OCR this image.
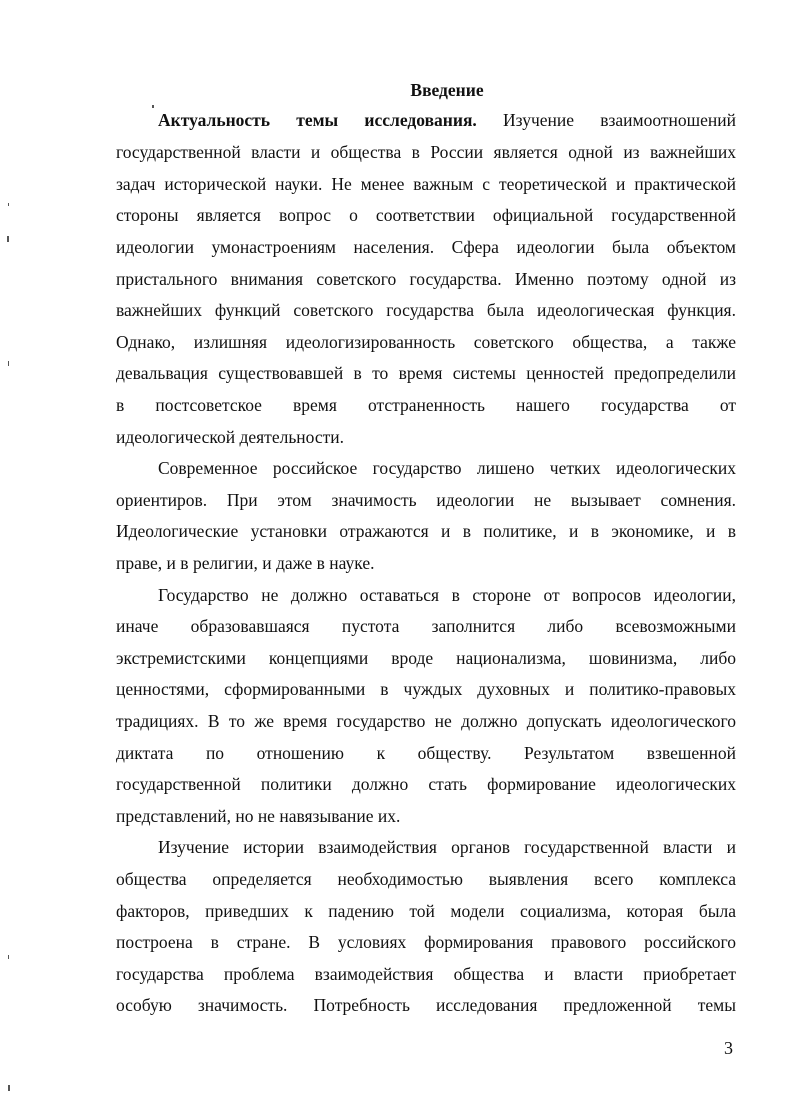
Введение
Актуальность темы исследования. Изучение взаимоотношений
государственной власти и общества в России является одной из важнейших
задач исторической науки. Не менее важным с теоретической и практической
стороны является вопрос о соответствии официальной государственной
идеологии умонастроениям населения. Сфера идеологии была объектом
пристального внимания советского государства. Именно поэтому одной из
важнейших функций советского государства была идеологическая функция.
Однако, излишняя идеологизированность советского общества, а также
девальвация существовавшей в то время системы ценностей предопределили
в постсоветское время отстраненность нашего государства от
идеологической деятельности.
Современное российское государство лишено четких идеологических
ориентиров. При этом значимость идеологии не вызывает сомнения.
Идеологические установки отражаются и в политике, и в экономике, и в
праве, и в религии, и даже в науке.
Государство не должно оставаться в стороне от вопросов идеологии,
иначе образовавшаяся пустота заполнится либо всевозможными
экстремистскими концепциями вроде национализма, шовинизма, либо
ценностями, сформированными в чуждых духовных и политико-правовых
традициях. В то же время государство не должно допускать идеологического
диктата по отношению к обществу. Результатом взвешенной
государственной политики должно стать формирование идеологических
представлений, но не навязывание их.
Изучение истории взаимодействия органов государственной власти и
общества определяется необходимостью выявления всего комплекса
факторов, приведших к падению той модели социализма, которая была
построена в стране. В условиях формирования правового российского
государства проблема взаимодействия общества и власти приобретает
особую значимость. Потребность исследования предложенной темы
3
